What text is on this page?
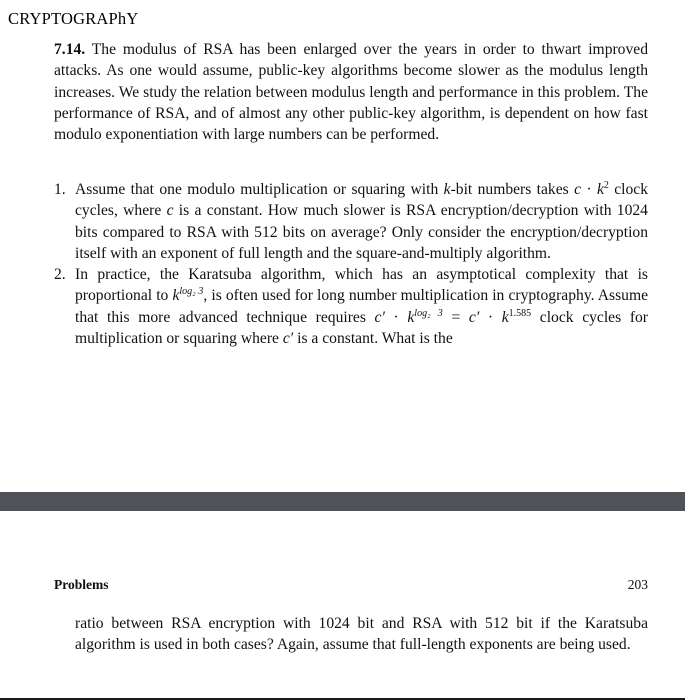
CRYPTOGRAPhY
7.14. The modulus of RSA has been enlarged over the years in order to thwart improved attacks. As one would assume, public-key algorithms become slower as the modulus length increases. We study the relation between modulus length and performance in this problem. The performance of RSA, and of almost any other public-key algorithm, is dependent on how fast modulo exponentiation with large numbers can be performed.
1. Assume that one modulo multiplication or squaring with k-bit numbers takes $c \cdot k^2$ clock cycles, where c is a constant. How much slower is RSA encryption/decryption with 1024 bits compared to RSA with 512 bits on average? Only consider the encryption/decryption itself with an exponent of full length and the square-and-multiply algorithm.
2. In practice, the Karatsuba algorithm, which has an asymptotical complexity that is proportional to $k^{log_2 3}$, is often used for long number multiplication in cryptography. Assume that this more advanced technique requires $c' \cdot k^{log_2 3} = c' \cdot k^{1.585}$ clock cycles for multiplication or squaring where c′ is a constant. What is the
Problems	203
ratio between RSA encryption with 1024 bit and RSA with 512 bit if the Karatsuba algorithm is used in both cases? Again, assume that full-length exponents are being used.
